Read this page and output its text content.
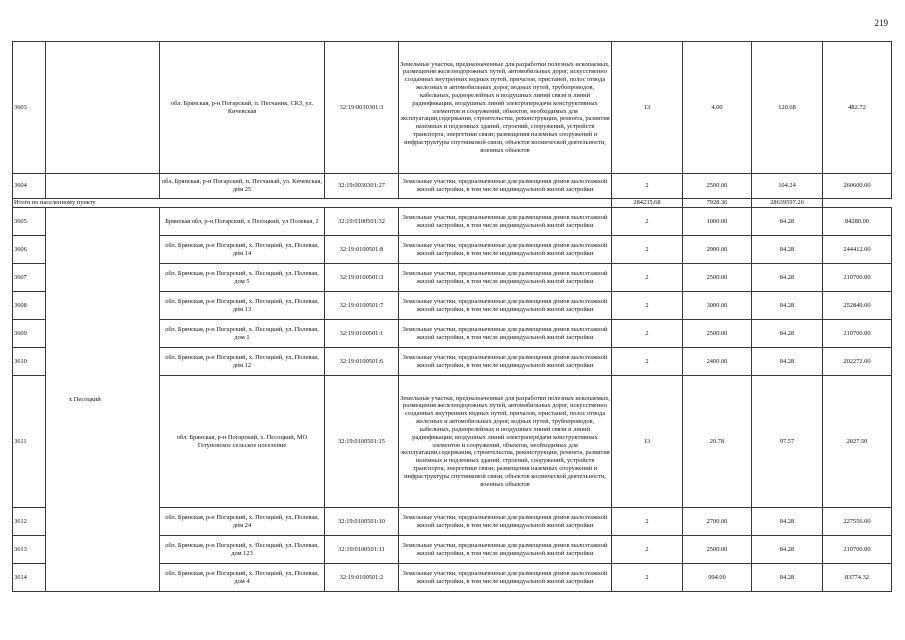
219
3603		обл. Брянская, р-н Погарский, п. Песчаник, СКЗ, ул. Кичевская	32:19:0030301:3	Земельные участки, предназначенные для разработки полезных ископаемых, размещения железнодорожных путей, автомобильных дорог, искусственно созданных внутренних водных путей, причалов, пристаней, полос отвода железных и автомобильных дорог, водных путей, трубопроводов, кабельных, радиорелейных и воздушных линий связи и линий радиофикации, воздушных линий электропередачи конструктивных элементов и сооружений, объектов, необходимых для эксплуатации,содержания, строительства, реконструкции, ремонта, развития наземных и подземных зданий, строений, сооружений, устройств транспорта, энергетики связи; размещения наземных сооружений и инфраструктуры спутниковой связи, объектов космической деятельности, военных объектов	13	4.00	120.68	482.72
3604		обл. Брянская, р-н Погарский, п. Песчаный, ул. Кичевская, дом 25	32:19:0030301:27	Земельные участки, предназначенные для размещения домов малоэтажной жилой застройки, в том числе индивидуальной жилой застройки	2	2500.00	104.24	260600.00
Итого по населенному пункту					284235.68	7928.36	28639597.26	
3605	х Песоцкий	Брянская обл, р-н Погарский, х Песоцкий, ул Полевая, 2	32:19:0100501:32	Земельные участки, предназначенные для размещения домов малоэтажной жилой застройки, в том числе индивидуальной жилой застройки	2	1000.00	84.28	84280.00
3606		обл. Брянская, р-н Погарский, х. Песоцкий, ул. Полевая, дом 14	32:19:0100501:8	Земельные участки, предназначенные для размещения домов малоэтажной жилой застройки, в том числе индивидуальной жилой застройки	2	2900.00	84.28	244412.00
3607		обл. Брянская, р-н Погарский, х. Песоцкий, ул. Полевая, дом 5	32:19:0100501:3	Земельные участки, предназначенные для размещения домов малоэтажной жилой застройки, в том числе индивидуальной жилой застройки	2	2500.00	84.28	210700.00
3608		обл. Брянская, р-н Погарский, х. Песоцкий, ул. Полевая, дом 13	32:19:0100501:7	Земельные участки, предназначенные для размещения домов малоэтажной жилой застройки, в том числе индивидуальной жилой застройки	2	3000.00	84.28	252840.00
3609		обл. Брянская, р-н Погарский, х. Песоцкий, ул. Полевая, дом 1	32:19:0100501:1	Земельные участки, предназначенные для размещения домов малоэтажной жилой застройки, в том числе индивидуальной жилой застройки	2	2500.00	84.28	210700.00
3610		обл. Брянская, р-н Погарский, х. Песоцкий, ул. Полевая, дом 12	32:19:0100501:6	Земельные участки, предназначенные для размещения домов малоэтажной жилой застройки, в том числе индивидуальной жилой застройки	2	2400.00	84.28	202272.00
3611		обл. Брянская, р-н Погарский, х. Песоцкий, МО Гетуновское сельское поселение	32:19:0100501:15	Земельные участки, предназначенные для разработки полезных ископаемых, размещения железнодорожных путей, автомобильных дорог, искусственно созданных внутренних водных путей, причалов, пристаней, полос отвода железных и автомобильных дорог, водных путей, трубопроводов, кабельных, радиорелейных и воздушных линий связи и линий радиофикации, воздушных линий электропередачи конструктивных элементов и сооружений, объектов, необходимых для эксплуатации,содержания, строительства, реконструкции, ремонта, развития наземных и подземных зданий, строений, сооружений, устройств транспорта, энергетики связи; размещения наземных сооружений и инфраструктуры спутниковой связи, объектов космической деятельности, военных объектов	13	20.78	97.57	2027.50
3612		обл. Брянская, р-н Погарский, х. Песоцкий, ул. Полевая, дом 24	32:19:0100501:10	Земельные участки, предназначенные для размещения домов малоэтажной жилой застройки, в том числе индивидуальной жилой застройки	2	2700.00	84.28	227556.00
3613		обл. Брянская, р-н Погарский, х. Песоцкий, ул. Полевая, дом 123	32:19:0100501:11	Земельные участки, предназначенные для размещения домов малоэтажной жилой застройки, в том числе индивидуальной жилой застройки	2	2500.00	84.28	210700.00
3614		обл. Брянская, р-н Погарский, х. Песоцкий, ул. Полевая, дом 4	32:19:0100501:2	Земельные участки, предназначенные для размещения домов малоэтажной жилой застройки, в том числе индивидуальной жилой застройки	2	994.00	84.28	83774.32
